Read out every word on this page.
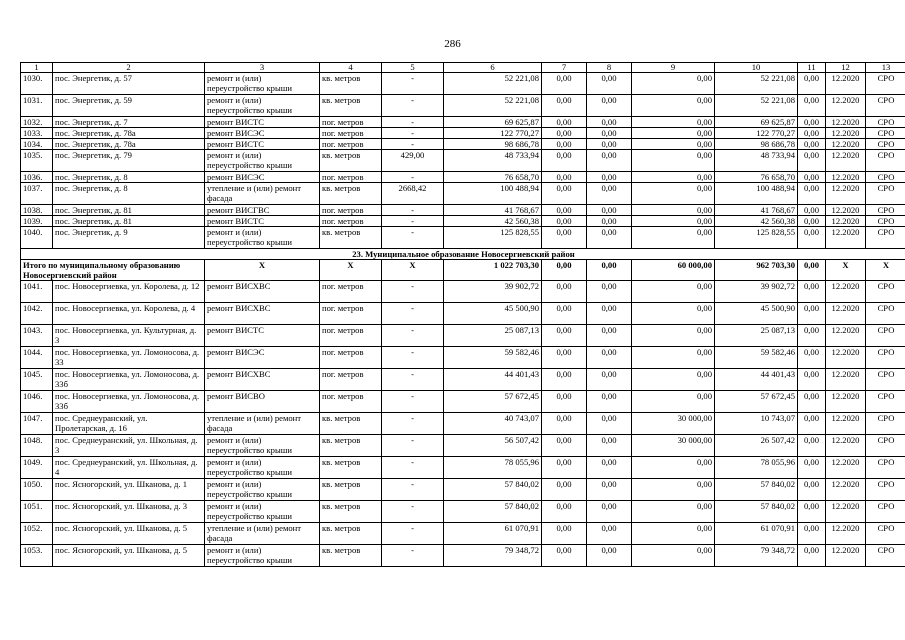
286
1	2	3	4	5	6	7	8	9	10	11	12	13
1030.	пос. Энергетик, д. 57	ремонт и (или) переустройство крыши	кв. метров	-	52 221,08	0,00	0,00	0,00	52 221,08	0,00	12.2020	СРО
1031.	пос. Энергетик, д. 59	ремонт и (или) переустройство крыши	кв. метров	-	52 221,08	0,00	0,00	0,00	52 221,08	0,00	12.2020	СРО
1032.	пос. Энергетик, д. 7	ремонт ВИСТС	пог. метров	-	69 625,87	0,00	0,00	0,00	69 625,87	0,00	12.2020	СРО
1033.	пос. Энергетик, д. 78а	ремонт ВИСЭС	пог. метров	-	122 770,27	0,00	0,00	0,00	122 770,27	0,00	12.2020	СРО
1034.	пос. Энергетик, д. 78а	ремонт ВИСТС	пог. метров	-	98 686,78	0,00	0,00	0,00	98 686,78	0,00	12.2020	СРО
1035.	пос. Энергетик, д. 79	ремонт и (или) переустройство крыши	кв. метров	429,00	48 733,94	0,00	0,00	0,00	48 733,94	0,00	12.2020	СРО
1036.	пос. Энергетик, д. 8	ремонт ВИСЭС	пог. метров	-	76 658,70	0,00	0,00	0,00	76 658,70	0,00	12.2020	СРО
1037.	пос. Энергетик, д. 8	утепление и (или) ремонт фасада	кв. метров	2668,42	100 488,94	0,00	0,00	0,00	100 488,94	0,00	12.2020	СРО
1038.	пос. Энергетик, д. 81	ремонт ВИСГВС	пог. метров	-	41 768,67	0,00	0,00	0,00	41 768,67	0,00	12.2020	СРО
1039.	пос. Энергетик, д. 81	ремонт ВИСТС	пог. метров	-	42 560,38	0,00	0,00	0,00	42 560,38	0,00	12.2020	СРО
1040.	пос. Энергетик, д. 9	ремонт и (или) переустройство крыши	кв. метров	-	125 828,55	0,00	0,00	0,00	125 828,55	0,00	12.2020	СРО
23. Муниципальное образование Новосергиевский район												
Итого по муниципальному образованию Новосергиевский район		X	X	X	1 022 703,30	0,00	0,00	60 000,00	962 703,30	0,00	X	X
1041.	пос. Новосергиевка, ул. Королева, д. 12	ремонт ВИСХВС	пог. метров	-	39 902,72	0,00	0,00	0,00	39 902,72	0,00	12.2020	СРО
1042.	пос. Новосергиевка, ул. Королева, д. 4	ремонт ВИСХВС	пог. метров	-	45 500,90	0,00	0,00	0,00	45 500,90	0,00	12.2020	СРО
1043.	пос. Новосергиевка, ул. Культурная, д. 3	ремонт ВИСТС	пог. метров	-	25 087,13	0,00	0,00	0,00	25 087,13	0,00	12.2020	СРО
1044.	пос. Новосергиевка, ул. Ломоносова, д. 33	ремонт ВИСЭС	пог. метров	-	59 582,46	0,00	0,00	0,00	59 582,46	0,00	12.2020	СРО
1045.	пос. Новосергиевка, ул. Ломоносова, д. 33б	ремонт ВИСХВС	пог. метров	-	44 401,43	0,00	0,00	0,00	44 401,43	0,00	12.2020	СРО
1046.	пос. Новосергиевка, ул. Ломоносова, д. 33б	ремонт ВИСВО	пог. метров	-	57 672,45	0,00	0,00	0,00	57 672,45	0,00	12.2020	СРО
1047.	пос. Среднеуранский, ул. Пролетарская, д. 16	утепление и (или) ремонт фасада	кв. метров	-	40 743,07	0,00	0,00	30 000,00	10 743,07	0,00	12.2020	СРО
1048.	пос. Среднеуранский, ул. Школьная, д. 3	ремонт и (или) переустройство крыши	кв. метров	-	56 507,42	0,00	0,00	30 000,00	26 507,42	0,00	12.2020	СРО
1049.	пос. Среднеуранский, ул. Школьная, д. 4	ремонт и (или) переустройство крыши	кв. метров	-	78 055,96	0,00	0,00	0,00	78 055,96	0,00	12.2020	СРО
1050.	пос. Ясногорский, ул. Шканова, д. 1	ремонт и (или) переустройство крыши	кв. метров	-	57 840,02	0,00	0,00	0,00	57 840,02	0,00	12.2020	СРО
1051.	пос. Ясногорский, ул. Шканова, д. 3	ремонт и (или) переустройство крыши	кв. метров	-	57 840,02	0,00	0,00	0,00	57 840,02	0,00	12.2020	СРО
1052.	пос. Ясногорский, ул. Шканова, д. 5	утепление и (или) ремонт фасада	кв. метров	-	61 070,91	0,00	0,00	0,00	61 070,91	0,00	12.2020	СРО
1053.	пос. Ясногорский, ул. Шканова, д. 5	ремонт и (или) переустройство крыши	кв. метров	-	79 348,72	0,00	0,00	0,00	79 348,72	0,00	12.2020	СРО
